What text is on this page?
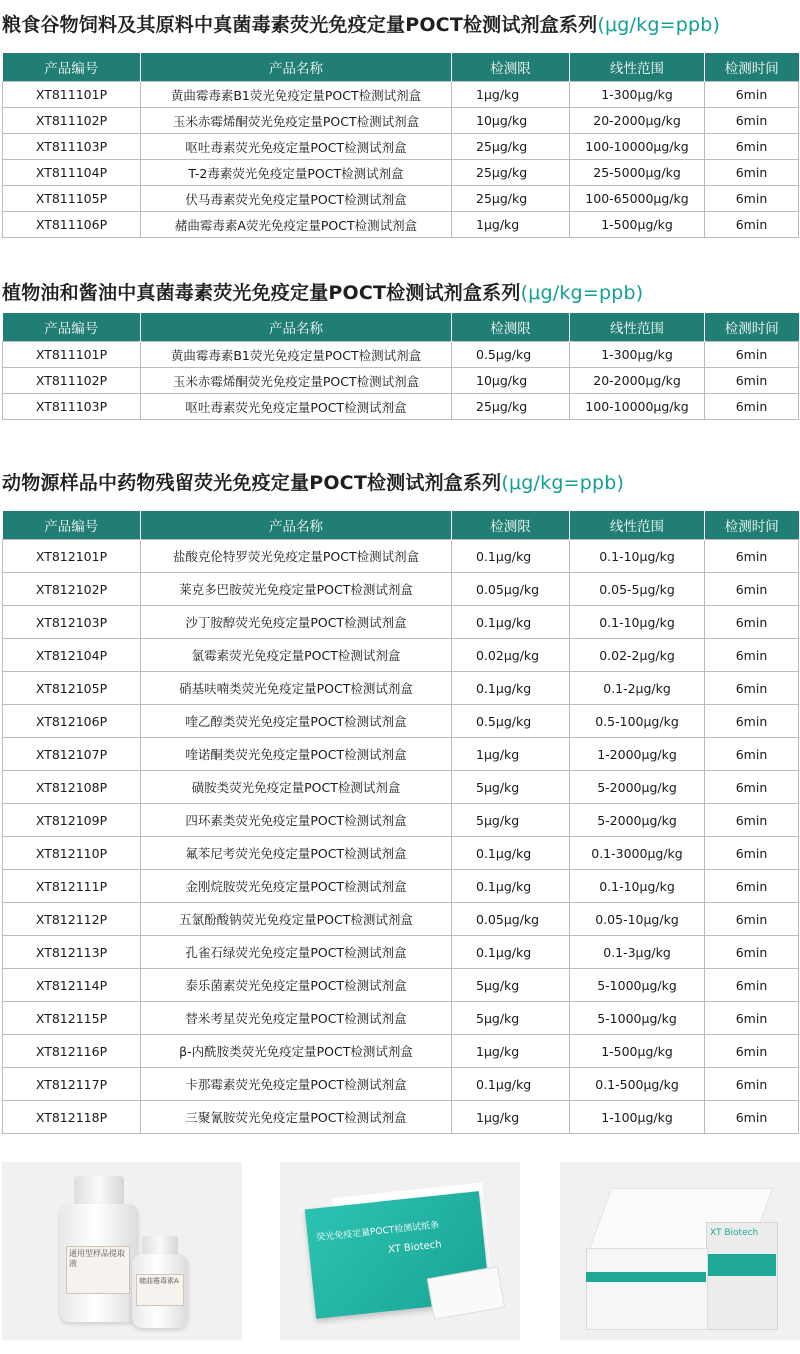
粮食谷物饲料及其原料中真菌毒素荧光免疫定量POCT检测试剂盒系列(μg/kg=ppb)
产品编号	产品名称	检测限	线性范围	检测时间
XT811101P	黄曲霉毒素B1荧光免疫定量POCT检测试剂盒	1μg/kg	1-300μg/kg	6min
XT811102P	玉米赤霉烯酮荧光免疫定量POCT检测试剂盒	10μg/kg	20-2000μg/kg	6min
XT811103P	呕吐毒素荧光免疫定量POCT检测试剂盒	25μg/kg	100-10000μg/kg	6min
XT811104P	T-2毒素荧光免疫定量POCT检测试剂盒	25μg/kg	25-5000μg/kg	6min
XT811105P	伏马毒素荧光免疫定量POCT检测试剂盒	25μg/kg	100-65000μg/kg	6min
XT811106P	赭曲霉毒素A荧光免疫定量POCT检测试剂盒	1μg/kg	1-500μg/kg	6min
植物油和酱油中真菌毒素荧光免疫定量POCT检测试剂盒系列(μg/kg=ppb)
产品编号	产品名称	检测限	线性范围	检测时间
XT811101P	黄曲霉毒素B1荧光免疫定量POCT检测试剂盒	0.5μg/kg	1-300μg/kg	6min
XT811102P	玉米赤霉烯酮荧光免疫定量POCT检测试剂盒	10μg/kg	20-2000μg/kg	6min
XT811103P	呕吐毒素荧光免疫定量POCT检测试剂盒	25μg/kg	100-10000μg/kg	6min
动物源样品中药物残留荧光免疫定量POCT检测试剂盒系列(μg/kg=ppb)
产品编号	产品名称	检测限	线性范围	检测时间
XT812101P	盐酸克伦特罗荧光免疫定量POCT检测试剂盒	0.1μg/kg	0.1-10μg/kg	6min
XT812102P	莱克多巴胺荧光免疫定量POCT检测试剂盒	0.05μg/kg	0.05-5μg/kg	6min
XT812103P	沙丁胺醇荧光免疫定量POCT检测试剂盒	0.1μg/kg	0.1-10μg/kg	6min
XT812104P	氯霉素荧光免疫定量POCT检测试剂盒	0.02μg/kg	0.02-2μg/kg	6min
XT812105P	硝基呋喃类荧光免疫定量POCT检测试剂盒	0.1μg/kg	0.1-2μg/kg	6min
XT812106P	喹乙醇类荧光免疫定量POCT检测试剂盒	0.5μg/kg	0.5-100μg/kg	6min
XT812107P	喹诺酮类荧光免疫定量POCT检测试剂盒	1μg/kg	1-2000μg/kg	6min
XT812108P	磺胺类荧光免疫定量POCT检测试剂盒	5μg/kg	5-2000μg/kg	6min
XT812109P	四环素类荧光免疫定量POCT检测试剂盒	5μg/kg	5-2000μg/kg	6min
XT812110P	氟苯尼考荧光免疫定量POCT检测试剂盒	0.1μg/kg	0.1-3000μg/kg	6min
XT812111P	金刚烷胺荧光免疫定量POCT检测试剂盒	0.1μg/kg	0.1-10μg/kg	6min
XT812112P	五氯酚酸钠荧光免疫定量POCT检测试剂盒	0.05μg/kg	0.05-10μg/kg	6min
XT812113P	孔雀石绿荧光免疫定量POCT检测试剂盒	0.1μg/kg	0.1-3μg/kg	6min
XT812114P	泰乐菌素荧光免疫定量POCT检测试剂盒	5μg/kg	5-1000μg/kg	6min
XT812115P	替米考星荧光免疫定量POCT检测试剂盒	5μg/kg	5-1000μg/kg	6min
XT812116P	β-内酰胺类荧光免疫定量POCT检测试剂盒	1μg/kg	1-500μg/kg	6min
XT812117P	卡那霉素荧光免疫定量POCT检测试剂盒	0.1μg/kg	0.1-500μg/kg	6min
XT812118P	三聚氰胺荧光免疫定量POCT检测试剂盒	1μg/kg	1-100μg/kg	6min
通用型样品提取液
赭曲霉毒素A
荧光免疫定量POCT检测试纸条
XT Biotech
XT Biotech
